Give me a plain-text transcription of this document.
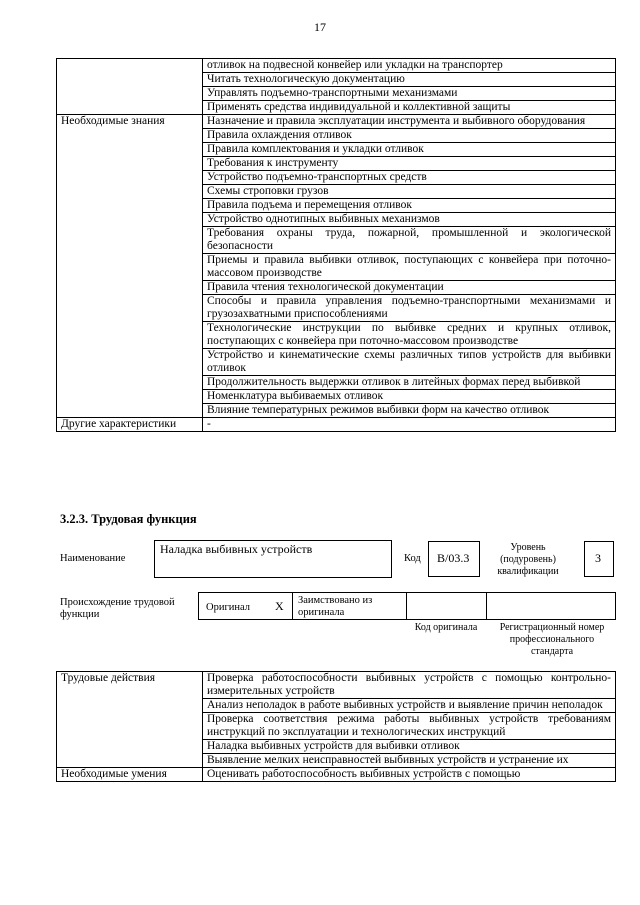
17
	отливок на подвесной конвейер или укладки на транспортер
	Читать технологическую документацию
	Управлять подъемно-транспортными механизмами
	Применять средства индивидуальной и коллективной защиты
Необходимые знания	Назначение и правила эксплуатации инструмента и выбивного оборудования
	Правила охлаждения отливок
	Правила комплектования и укладки отливок
	Требования к инструменту
	Устройство подъемно-транспортных средств
	Схемы строповки грузов
	Правила подъема и перемещения отливок
	Устройство однотипных выбивных механизмов
	Требования охраны труда, пожарной, промышленной и экологической безопасности
	Приемы и правила выбивки отливок, поступающих с конвейера при поточно-массовом производстве
	Правила чтения технологической документации
	Способы и правила управления подъемно-транспортными механизмами и грузозахватными приспособлениями
	Технологические инструкции по выбивке средних и крупных отливок, поступающих с конвейера при поточно-массовом производстве
	Устройство и кинематические схемы различных типов устройств для выбивки отливок
	Продолжительность выдержки отливок в литейных формах перед выбивкой
	Номенклатура выбиваемых отливок
	Влияние температурных режимов выбивки форм на качество отливок
Другие характеристики	-
3.2.3. Трудовая функция
Наименование
Наладка выбивных устройств
Код B/03.3
Уровень (подуровень) квалификации
3
Происхождение трудовой функции
Оригинал X Заимствовано из оригинала
Код оригинала	Регистрационный номер профессионального стандарта
Трудовые действия	Проверка работоспособности выбивных устройств с помощью контрольно-измерительных устройств
	Анализ неполадок в работе выбивных устройств и выявление причин неполадок
	Проверка соответствия режима работы выбивных устройств требованиям инструкций по эксплуатации и технологических инструкций
	Наладка выбивных устройств для выбивки отливок
	Выявление мелких неисправностей выбивных устройств и устранение их
Необходимые умения	Оценивать работоспособность выбивных устройств с помощью
